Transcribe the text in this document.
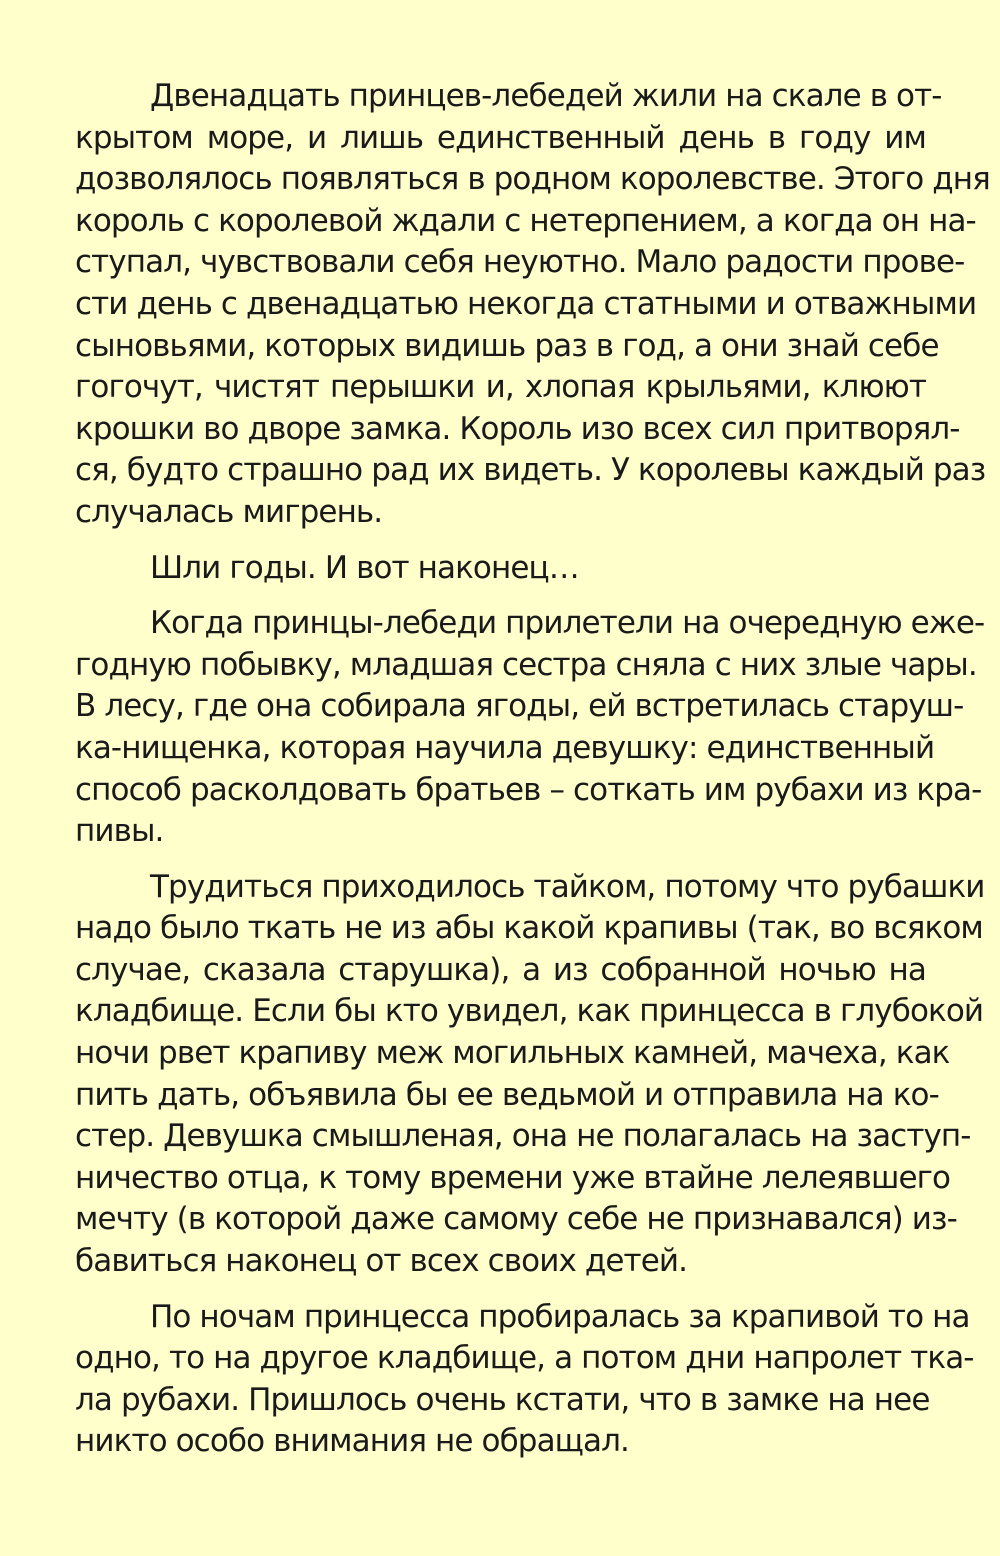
Двенадцать принцев-лебедей жили на скале в от-
крытом море, и лишь единственный день в году им
дозволялось появляться в родном королевстве. Этого дня
король с королевой ждали с нетерпением, а когда он на-
ступал, чувствовали себя неуютно. Мало радости прове-
сти день с двенадцатью некогда статными и отважными
сыновьями, которых видишь раз в год, а они знай себе
гогочут, чистят перышки и, хлопая крыльями, клюют
крошки во дворе замка. Король изо всех сил притворял-
ся, будто страшно рад их видеть. У королевы каждый раз
случалась мигрень.
Шли годы. И вот наконец…
Когда принцы-лебеди прилетели на очередную еже-
годную побывку, младшая сестра сняла с них злые чары.
В лесу, где она собирала ягоды, ей встретилась старуш-
ка-нищенка, которая научила девушку: единственный
способ расколдовать братьев – соткать им рубахи из кра-
пивы.
Трудиться приходилось тайком, потому что рубашки
надо было ткать не из абы какой крапивы (так, во всяком
случае, сказала старушка), а из собранной ночью на
кладбище. Если бы кто увидел, как принцесса в глубокой
ночи рвет крапиву меж могильных камней, мачеха, как
пить дать, объявила бы ее ведьмой и отправила на ко-
стер. Девушка смышленая, она не полагалась на заступ-
ничество отца, к тому времени уже втайне лелеявшего
мечту (в которой даже самому себе не признавался) из-
бавиться наконец от всех своих детей.
По ночам принцесса пробиралась за крапивой то на
одно, то на другое кладбище, а потом дни напролет тка-
ла рубахи. Пришлось очень кстати, что в замке на нее
никто особо внимания не обращал.
